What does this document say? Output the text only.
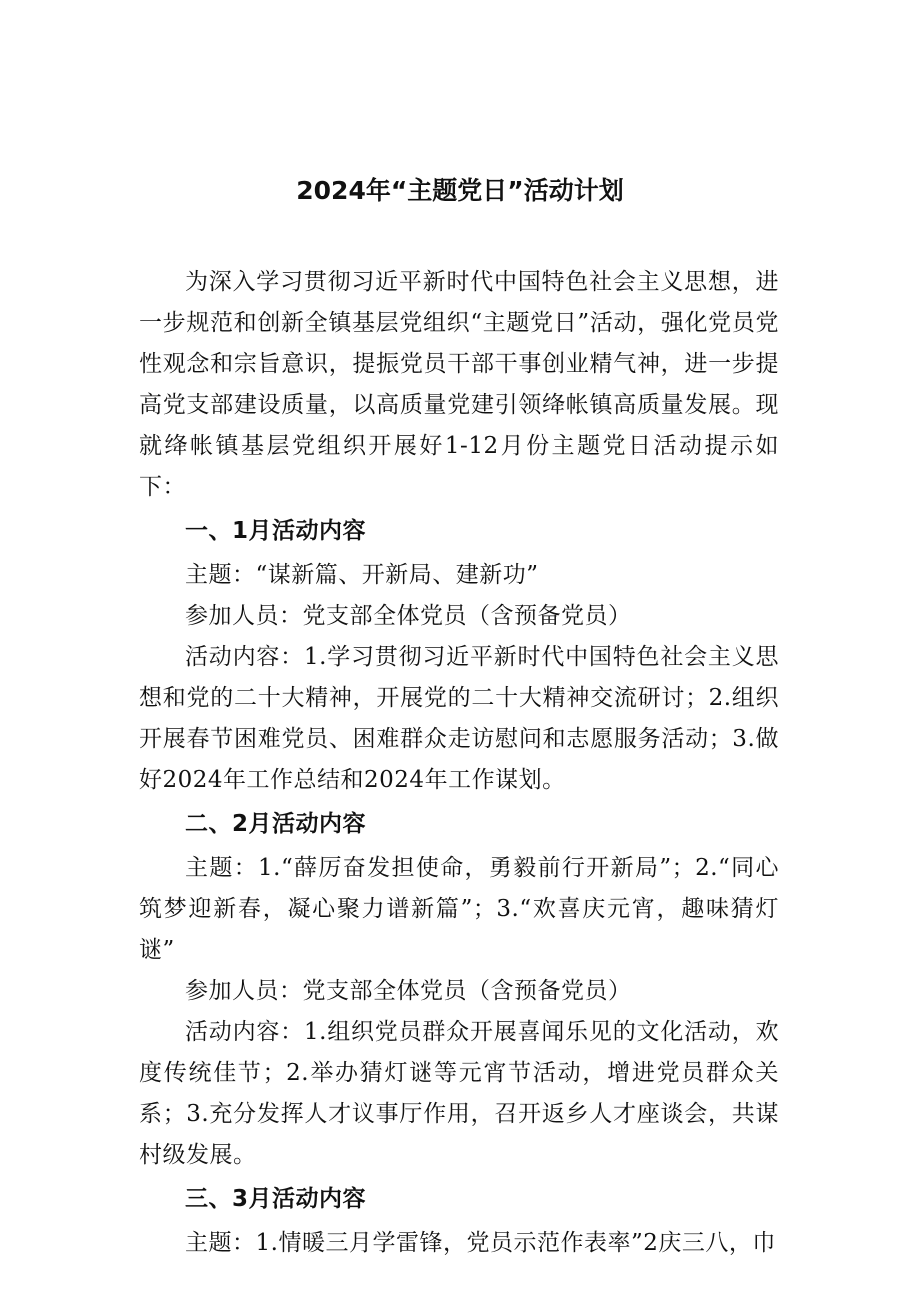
2024年“主题党日”活动计划

为深入学习贯彻习近平新时代中国特色社会主义思想，进一步规范和创新全镇基层党组织“主题党日”活动，强化党员党性观念和宗旨意识，提振党员干部干事创业精气神，进一步提高党支部建设质量，以高质量党建引领绛帐镇高质量发展。现就绛帐镇基层党组织开展好1-12月份主题党日活动提示如下：

一、1月活动内容

主题：“谋新篇、开新局、建新功”

参加人员：党支部全体党员（含预备党员）

活动内容：1.学习贯彻习近平新时代中国特色社会主义思想和党的二十大精神，开展党的二十大精神交流研讨；2.组织开展春节困难党员、困难群众走访慰问和志愿服务活动；3.做好2024年工作总结和2024年工作谋划。

二、2月活动内容

主题：1.“薛厉奋发担使命，勇毅前行开新局”；2.“同心筑梦迎新春，凝心聚力谱新篇”；3.“欢喜庆元宵，趣味猜灯谜”

参加人员：党支部全体党员（含预备党员）

活动内容：1.组织党员群众开展喜闻乐见的文化活动，欢度传统佳节；2.举办猜灯谜等元宵节活动，增进党员群众关系；3.充分发挥人才议事厅作用，召开返乡人才座谈会，共谋村级发展。

三、3月活动内容

主题：1.情暖三月学雷锋，党员示范作表率”2庆三八，巾
